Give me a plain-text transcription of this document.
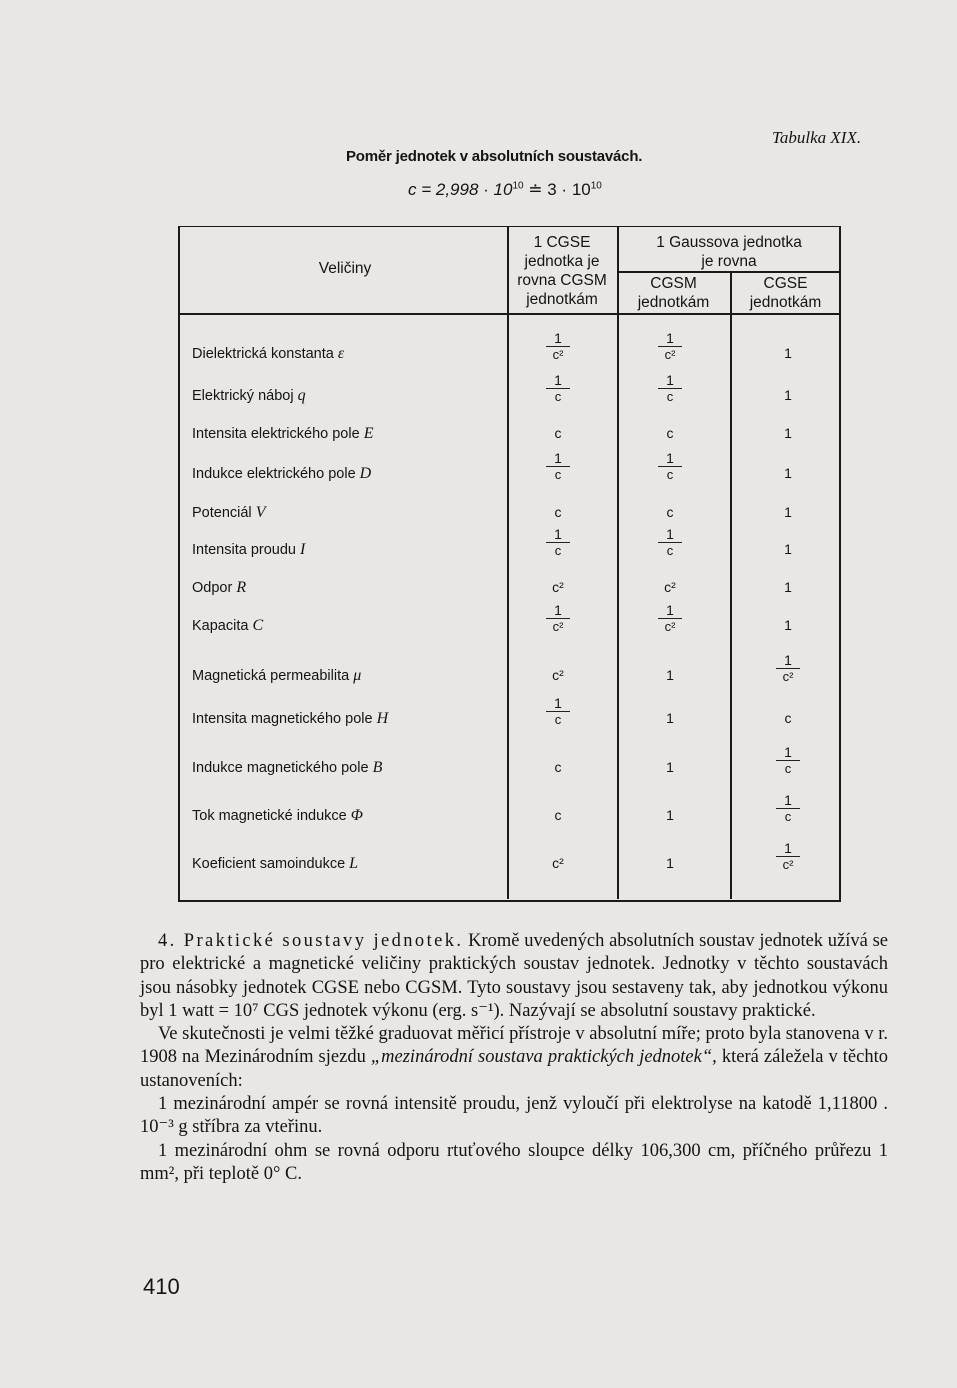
Tabulka XIX.
Poměr jednotek v absolutních soustavách.
$c = 2,998 \cdot 10^{10}$ ≐ $3 \cdot 10^{10}$
Veličiny
1 CGSE
jednotka je
rovna CGSM
jednotkám
1 Gaussova jednotka
je rovna
CGSM
jednotkám
CGSE
jednotkám
Dielektrická konstanta ε	$\frac{1}{\text{c²}}$	$\frac{1}{\text{c²}}$	1
Elektrický náboj q	$\frac{1}{c}$	$\frac{1}{c}$	1
Intensita elektrického pole E	c	c	1
Indukce elektrického pole D	$\frac{1}{c}$	$\frac{1}{c}$	1
Potenciál V	c	c	1
Intensita proudu I	$\frac{1}{c}$	$\frac{1}{c}$	1
Odpor R	c²	c²	1
Kapacita C	$\frac{1}{\text{c²}}$	$\frac{1}{\text{c²}}$	1
Magnetická permeabilita μ	c²	1	$\frac{1}{\text{c²}}$
Intensita magnetického pole H	$\frac{1}{c}$	1	c
Indukce magnetického pole B	c	1	$\frac{1}{c}$
Tok magnetické indukce Φ	c	1	$\frac{1}{c}$
Koeficient samoindukce L	c²	1	$\frac{1}{\text{c²}}$

4. Praktické soustavy jednotek. Kromě uvedených absolutních soustav jednotek užívá se pro elektrické a magnetické veličiny praktických soustav jednotek. Jednotky v těchto soustavách jsou násobky jednotek CGSE nebo CGSM. Tyto soustavy jsou sestaveny tak, aby jednotkou výkonu byl 1 watt = 10⁷ CGS jednotek výkonu (erg. s⁻¹). Nazývají se absolutní soustavy praktické.

Ve skutečnosti je velmi těžké graduovat měřicí přístroje v absolutní míře; proto byla stanovena v r. 1908 na Mezinárodním sjezdu „mezinárodní soustava praktických jednotek“, která záležela v těchto ustanoveních:

1 mezinárodní ampér se rovná intensitě proudu, jenž vyloučí při elektrolyse na katodě 1,11800 . 10⁻³ g stříbra za vteřinu.

1 mezinárodní ohm se rovná odporu rtuťového sloupce délky 106,300 cm, příčného průřezu 1 mm², při teplotě 0° C.

410
